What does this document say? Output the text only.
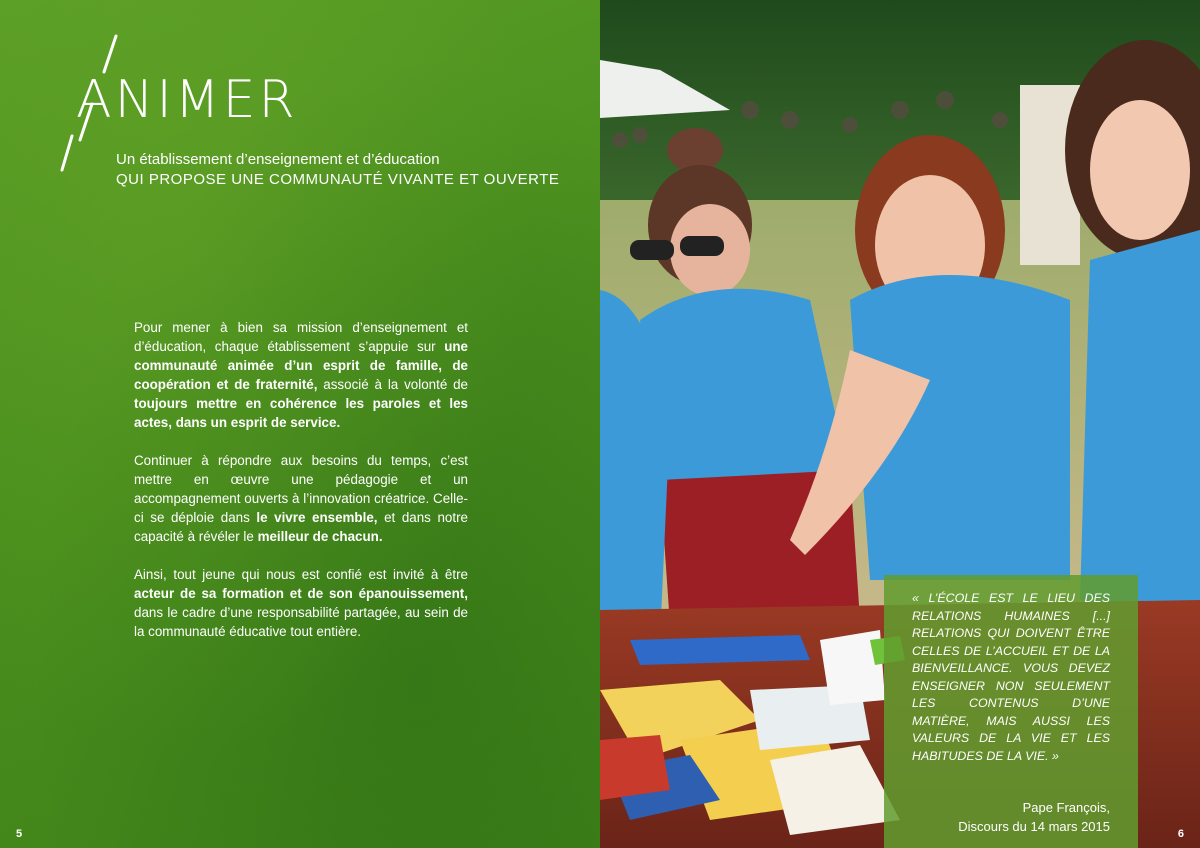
ANIMER
Un établissement d’enseignement et d’éducation
QUI PROPOSE UNE COMMUNAUTÉ VIVANTE ET OUVERTE

Pour mener à bien sa mission d’enseignement et d’éducation, chaque établissement s’appuie sur une communauté animée d’un esprit de famille, de coopération et de fraternité, associé à la volonté de toujours mettre en cohérence les paroles et les actes, dans un esprit de service.

Continuer à répondre aux besoins du temps, c’est mettre en œuvre une pédagogie et un accompagnement ouverts à l’innovation créatrice. Celle-ci se déploie dans le vivre ensemble, et dans notre capacité à révéler le meilleur de chacun.

Ainsi, tout jeune qui nous est confié est invité à être acteur de sa formation et de son épanouissement, dans le cadre d’une responsabilité partagée, au sein de la communauté éducative tout entière.

5
« L’ÉCOLE EST LE LIEU DES RELATIONS HUMAINES [...] RELATIONS QUI DOIVENT ÊTRE CELLES DE L’ACCUEIL ET DE LA BIENVEILLANCE. VOUS DEVEZ ENSEIGNER NON SEULEMENT LES CONTENUS D’UNE MATIÈRE, MAIS AUSSI LES VALEURS DE LA VIE ET LES HABITUDES DE LA VIE. »
Pape François,
Discours du 14 mars 2015	6
